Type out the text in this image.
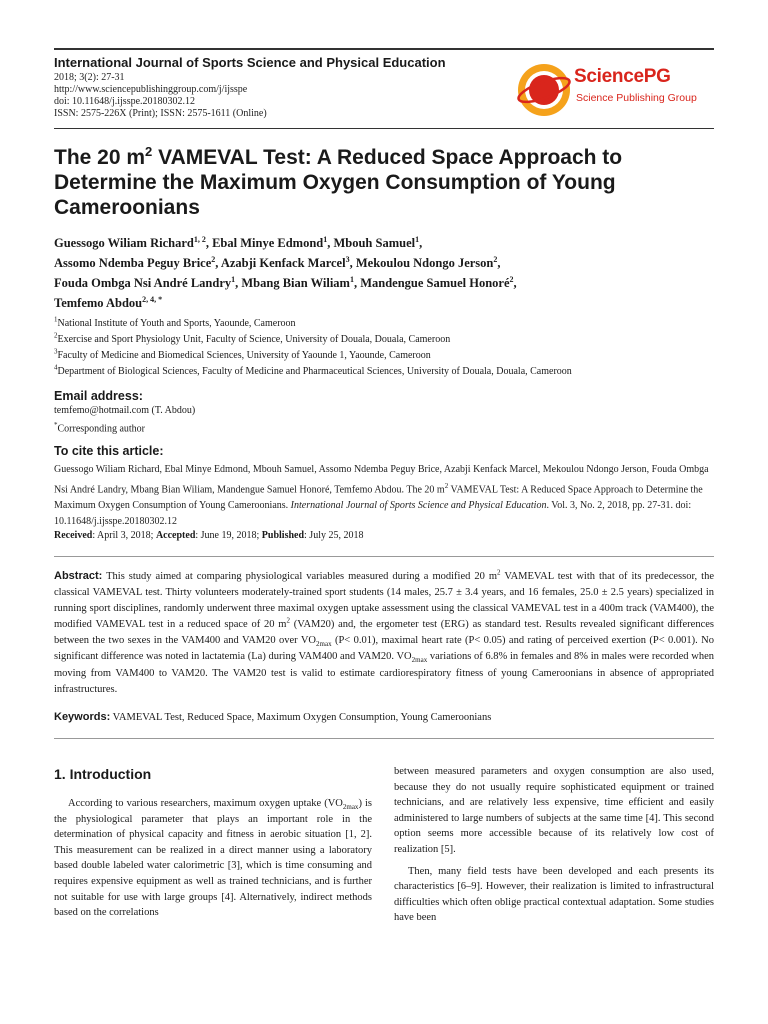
International Journal of Sports Science and Physical Education
2018; 3(2): 27-31
http://www.sciencepublishinggroup.com/j/ijsspe
doi: 10.11648/j.ijsspe.20180302.12
ISSN: 2575-226X (Print); ISSN: 2575-1611 (Online)
SciencePG
Science Publishing Group
The 20 $m^2$ VAMEVAL Test: A Reduced Space Approach to Determine the Maximum Oxygen Consumption of Young Cameroonians
Guessogo Wiliam Richard$^{1, 2}$, Ebal Minye Edmond$^1$, Mbouh Samuel$^1$,
Assomo Ndemba Peguy Brice$^2$, Azabji Kenfack Marcel$^3$, Mekoulou Ndongo Jerson$^2$,
Fouda Ombga Nsi André Landry$^1$, Mbang Bian Wiliam$^1$, Mandengue Samuel Honoré$^2$,
Temfemo Abdou$^{2, 4, *}$
$^1$National Institute of Youth and Sports, Yaounde, Cameroon
$^2$Exercise and Sport Physiology Unit, Faculty of Science, University of Douala, Douala, Cameroon
$^3$Faculty of Medicine and Biomedical Sciences, University of Yaounde 1, Yaounde, Cameroon
$^4$Department of Biological Sciences, Faculty of Medicine and Pharmaceutical Sciences, University of Douala, Douala, Cameroon
Email address:
temfemo@hotmail.com (T. Abdou)
*Corresponding author
To cite this article:
Guessogo Wiliam Richard, Ebal Minye Edmond, Mbouh Samuel, Assomo Ndemba Peguy Brice, Azabji Kenfack Marcel, Mekoulou Ndongo Jerson, Fouda Ombga Nsi André Landry, Mbang Bian Wiliam, Mandengue Samuel Honoré, Temfemo Abdou. The 20 $m^2$ VAMEVAL Test: A Reduced Space Approach to Determine the Maximum Oxygen Consumption of Young Cameroonians. International Journal of Sports Science and Physical Education. Vol. 3, No. 2, 2018, pp. 27-31. doi: 10.11648/j.ijsspe.20180302.12
Received: April 3, 2018; Accepted: June 19, 2018; Published: July 25, 2018
Abstract: This study aimed at comparing physiological variables measured during a modified 20 $m^2$ VAMEVAL test with that of its predecessor, the classical VAMEVAL test. Thirty volunteers moderately-trained sport students (14 males, 25.7 ± 3.4 years, and 16 females, 25.0 ± 2.5 years) specialized in running sport disciplines, randomly underwent three maximal oxygen uptake assessment using the classical VAMEVAL test in a 400m track (VAM400), the modified VAMEVAL test in a reduced space of 20 $m^2$ (VAM20) and, the ergometer test (ERG) as standard test. Results revealed significant differences between the two sexes in the VAM400 and VAM20 over $VO_{2max}$ (P< 0.01), maximal heart rate (P< 0.05) and rating of perceived exertion (P< 0.001). No significant difference was noted in lactatemia (La) during VAM400 and VAM20. $VO_{2max}$ variations of 6.8% in females and 8% in males were recorded when moving from VAM400 to VAM20. The VAM20 test is valid to estimate cardiorespiratory fitness of young Cameroonians in absence of appropriated infrastructures.
Keywords: VAMEVAL Test, Reduced Space, Maximum Oxygen Consumption, Young Cameroonians
1. Introduction

According to various researchers, maximum oxygen uptake $(VO_{2max})$ is the physiological parameter that plays an important role in the determination of physical capacity and fitness in aerobic situation [1, 2]. This measurement can be realized in a direct manner using a laboratory based double labeled water calorimetric [3], which is time consuming and requires expensive equipment as well as trained technicians, and is further not suitable for use with large groups [4]. Alternatively, indirect methods based on the correlations

between measured parameters and oxygen consumption are also used, because they do not usually require sophisticated equipment or trained technicians, and are relatively less expensive, time efficient and easily administered to large numbers of subjects at the same time [4]. This second option seems more accessible because of its relatively low cost of realization [5].

Then, many field tests have been developed and each presents its characteristics [6–9]. However, their realization is limited to infrastructural difficulties which often oblige practical contextual adaptation. Some studies have been
